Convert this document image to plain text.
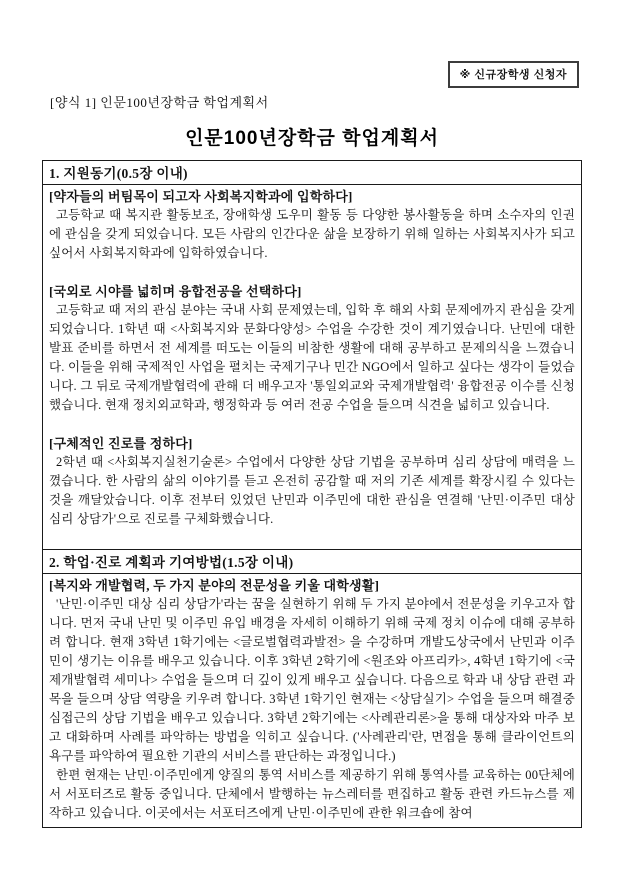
※ 신규장학생 신청자
[양식 1] 인문100년장학금 학업계획서
인문100년장학금 학업계획서
1. 지원동기(0.5장 이내)

[약자들의 버팀목이 되고자 사회복지학과에 입학하다]

고등학교 때 복지관 활동보조, 장애학생 도우미 활동 등 다양한 봉사활동을 하며 소수자의 인권에 관심을 갖게 되었습니다. 모든 사람의 인간다운 삶을 보장하기 위해 일하는 사회복지사가 되고 싶어서 사회복지학과에 입학하였습니다.

[국외로 시야를 넓히며 융합전공을 선택하다]

고등학교 때 저의 관심 분야는 국내 사회 문제였는데, 입학 후 해외 사회 문제에까지 관심을 갖게 되었습니다. 1학년 때 <사회복지와 문화다양성> 수업을 수강한 것이 계기였습니다. 난민에 대한 발표 준비를 하면서 전 세계를 떠도는 이들의 비참한 생활에 대해 공부하고 문제의식을 느꼈습니다. 이들을 위해 국제적인 사업을 펼치는 국제기구나 민간 NGO에서 일하고 싶다는 생각이 들었습니다. 그 뒤로 국제개발협력에 관해 더 배우고자 '통일외교와 국제개발협력' 융합전공 이수를 신청했습니다. 현재 정치외교학과, 행정학과 등 여러 전공 수업을 들으며 식견을 넓히고 있습니다.

[구체적인 진로를 정하다]

2학년 때 <사회복지실천기술론> 수업에서 다양한 상담 기법을 공부하며 심리 상담에 매력을 느꼈습니다. 한 사람의 삶의 이야기를 듣고 온전히 공감할 때 저의 기존 세계를 확장시킬 수 있다는 것을 깨달았습니다. 이후 전부터 있었던 난민과 이주민에 대한 관심을 연결해 '난민·이주민 대상 심리 상담가'으로 진로를 구체화했습니다.

2. 학업·진로 계획과 기여방법(1.5장 이내)

[복지와 개발협력, 두 가지 분야의 전문성을 키울 대학생활]

'난민·이주민 대상 심리 상담가'라는 꿈을 실현하기 위해 두 가지 분야에서 전문성을 키우고자 합니다. 먼저 국내 난민 및 이주민 유입 배경을 자세히 이해하기 위해 국제 정치 이슈에 대해 공부하려 합니다. 현재 3학년 1학기에는 <글로벌협력과발전> 을 수강하며 개발도상국에서 난민과 이주민이 생기는 이유를 배우고 있습니다. 이후 3학년 2학기에 <원조와 아프리카>, 4학년 1학기에 <국제개발협력 세미나> 수업을 들으며 더 깊이 있게 배우고 싶습니다. 다음으로 학과 내 상담 관련 과목을 들으며 상담 역량을 키우려 합니다. 3학년 1학기인 현재는 <상담실기> 수업을 들으며 해결중심접근의 상담 기법을 배우고 있습니다. 3학년 2학기에는 <사례관리론>을 통해 대상자와 마주 보고 대화하며 사례를 파악하는 방법을 익히고 싶습니다. ('사례관리'란, 면접을 통해 클라이언트의 욕구를 파악하여 필요한 기관의 서비스를 판단하는 과정입니다.)

한편 현재는 난민·이주민에게 양질의 통역 서비스를 제공하기 위해 통역사를 교육하는 00단체에서 서포터즈로 활동 중입니다. 단체에서 발행하는 뉴스레터를 편집하고 활동 관련 카드뉴스를 제작하고 있습니다. 이곳에서는 서포터즈에게 난민·이주민에 관한 워크숍에 참여
